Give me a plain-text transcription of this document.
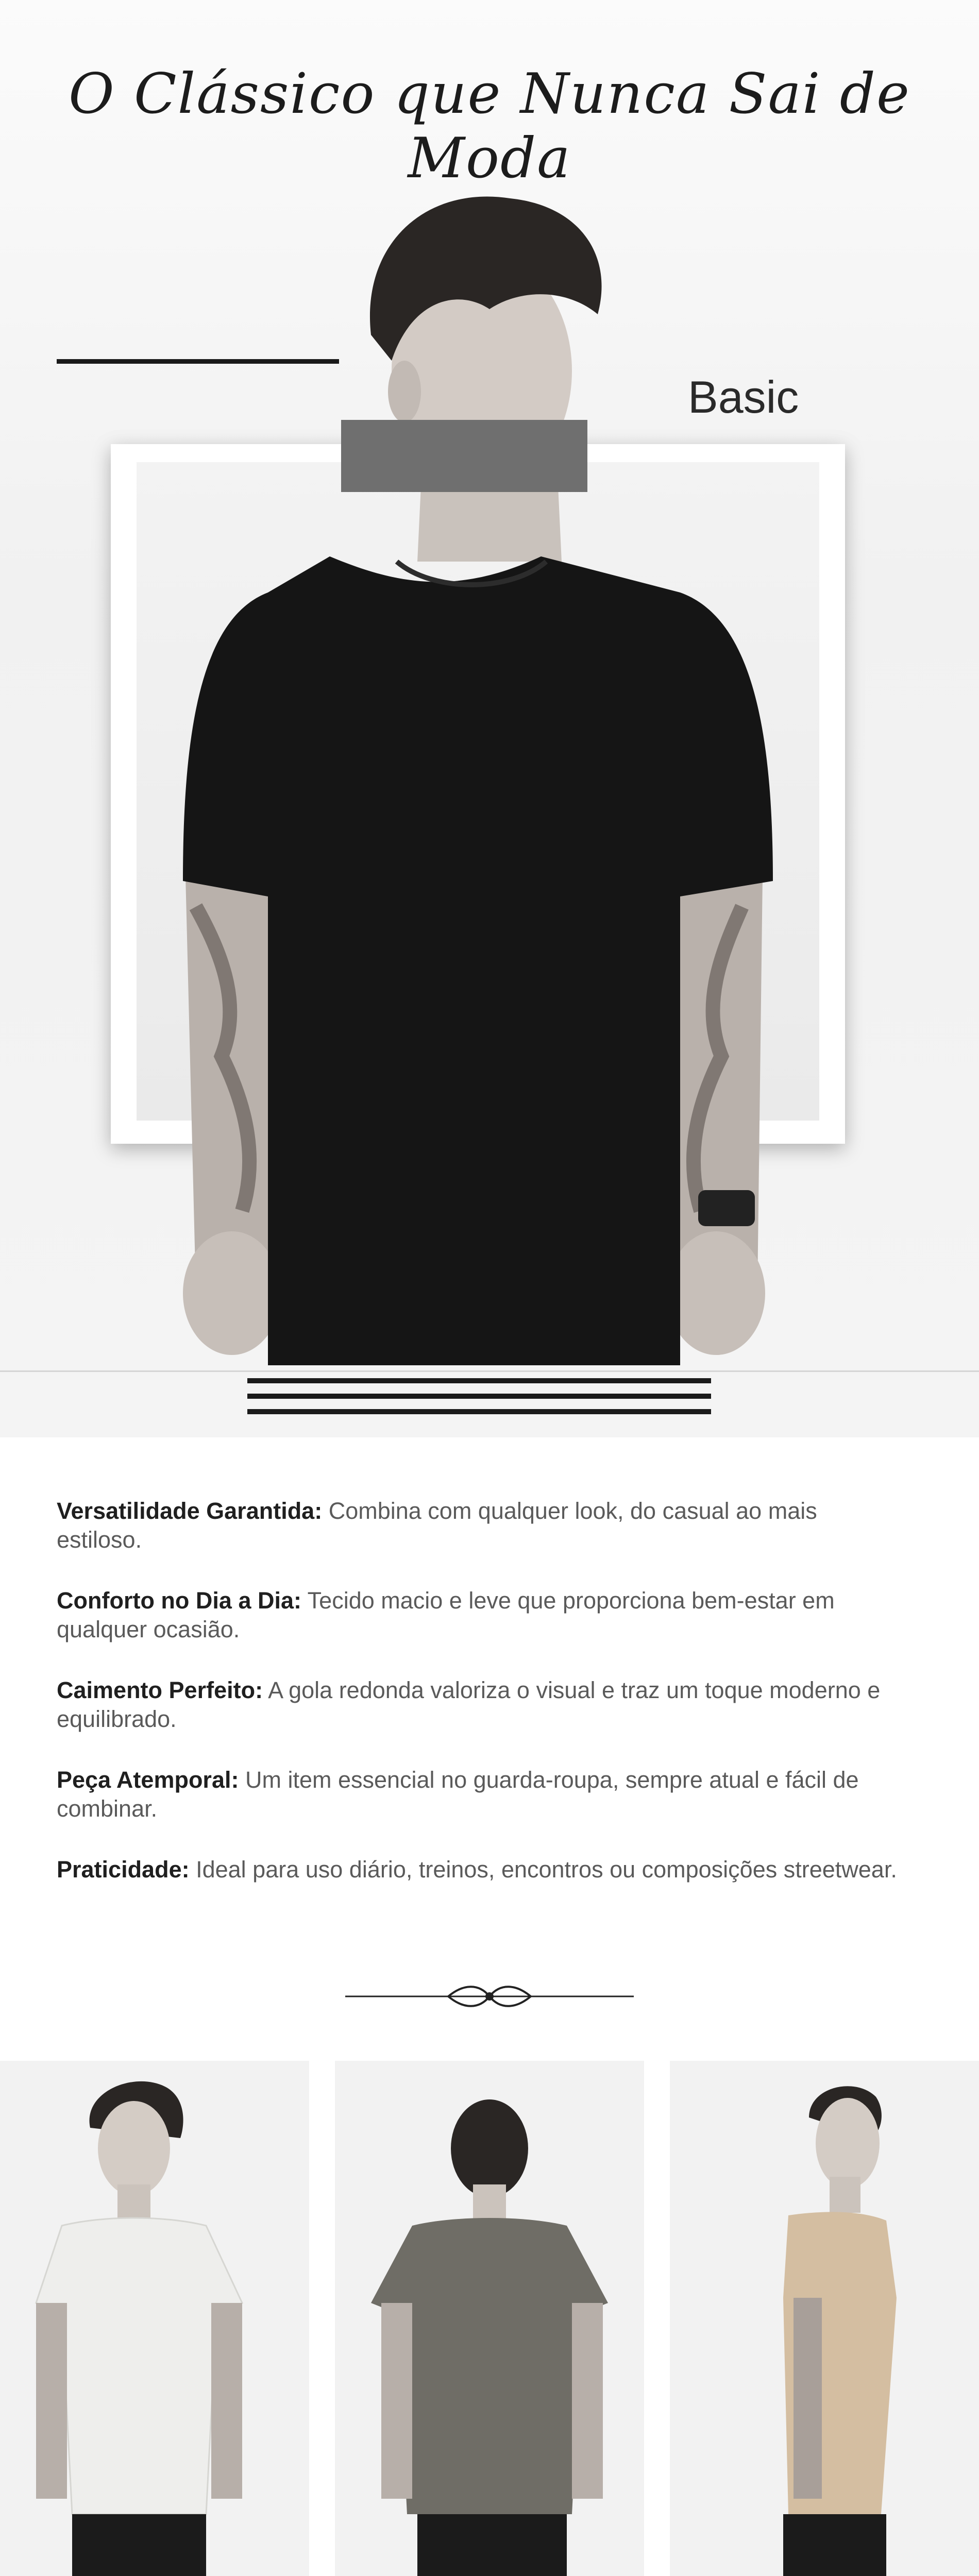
O Clássico que Nunca Sai de Moda
Basic
Versatilidade Garantida: Combina com qualquer look, do casual ao mais estiloso.
Conforto no Dia a Dia: Tecido macio e leve que proporciona bem-estar em qualquer ocasião.
Caimento Perfeito: A gola redonda valoriza o visual e traz um toque moderno e equilibrado.
Peça Atemporal: Um item essencial no guarda-roupa, sempre atual e fácil de combinar.
Praticidade: Ideal para uso diário, treinos, encontros ou composições streetwear.
